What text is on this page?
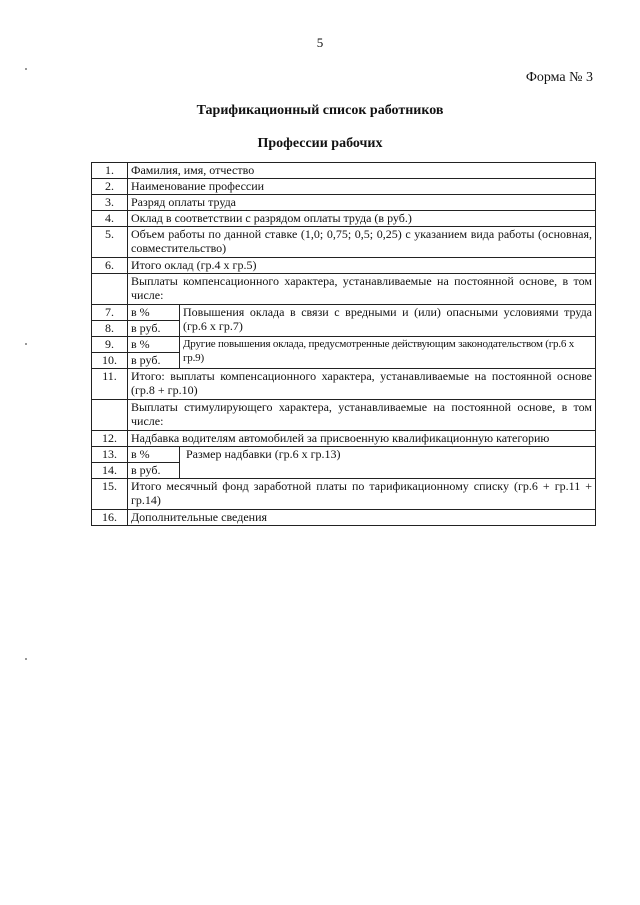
5
Форма № 3
Тарификационный список работников
Профессии рабочих
1.	Фамилия, имя, отчество	
2.	Наименование профессии	
3.	Разряд оплаты труда	
4.	Оклад в соответствии с разрядом оплаты труда (в руб.)	
5.	Объем работы по данной ставке (1,0; 0,75; 0,5; 0,25) с указанием вида работы (основная, совместительство)	
6.	Итого оклад (гр.4 х гр.5)	
	Выплаты компенсационного характера, устанавливаемые на постоянной основе, в том числе:	
7.	в %	Повышения оклада в связи с вредными и (или) опасными условиями труда (гр.6 х гр.7)
8.	в руб.	
9.	в %	Другие повышения оклада, предусмотренные действующим законодательством (гр.6 х гр.9)
10.	в руб.	
11.	Итого: выплаты компенсационного характера, устанавливаемые на постоянной основе (гр.8 + гр.10)	
	Выплаты стимулирующего характера, устанавливаемые на постоянной основе, в том числе:	
12.	Надбавка водителям автомобилей за присвоенную квалификационную категорию	
13.	в %	Размер надбавки (гр.6 х гр.13)
14.	в руб.	
15.	Итого месячный фонд заработной платы по тарификационному списку (гр.6 + гр.11 + гр.14)	
16.	Дополнительные сведения	
